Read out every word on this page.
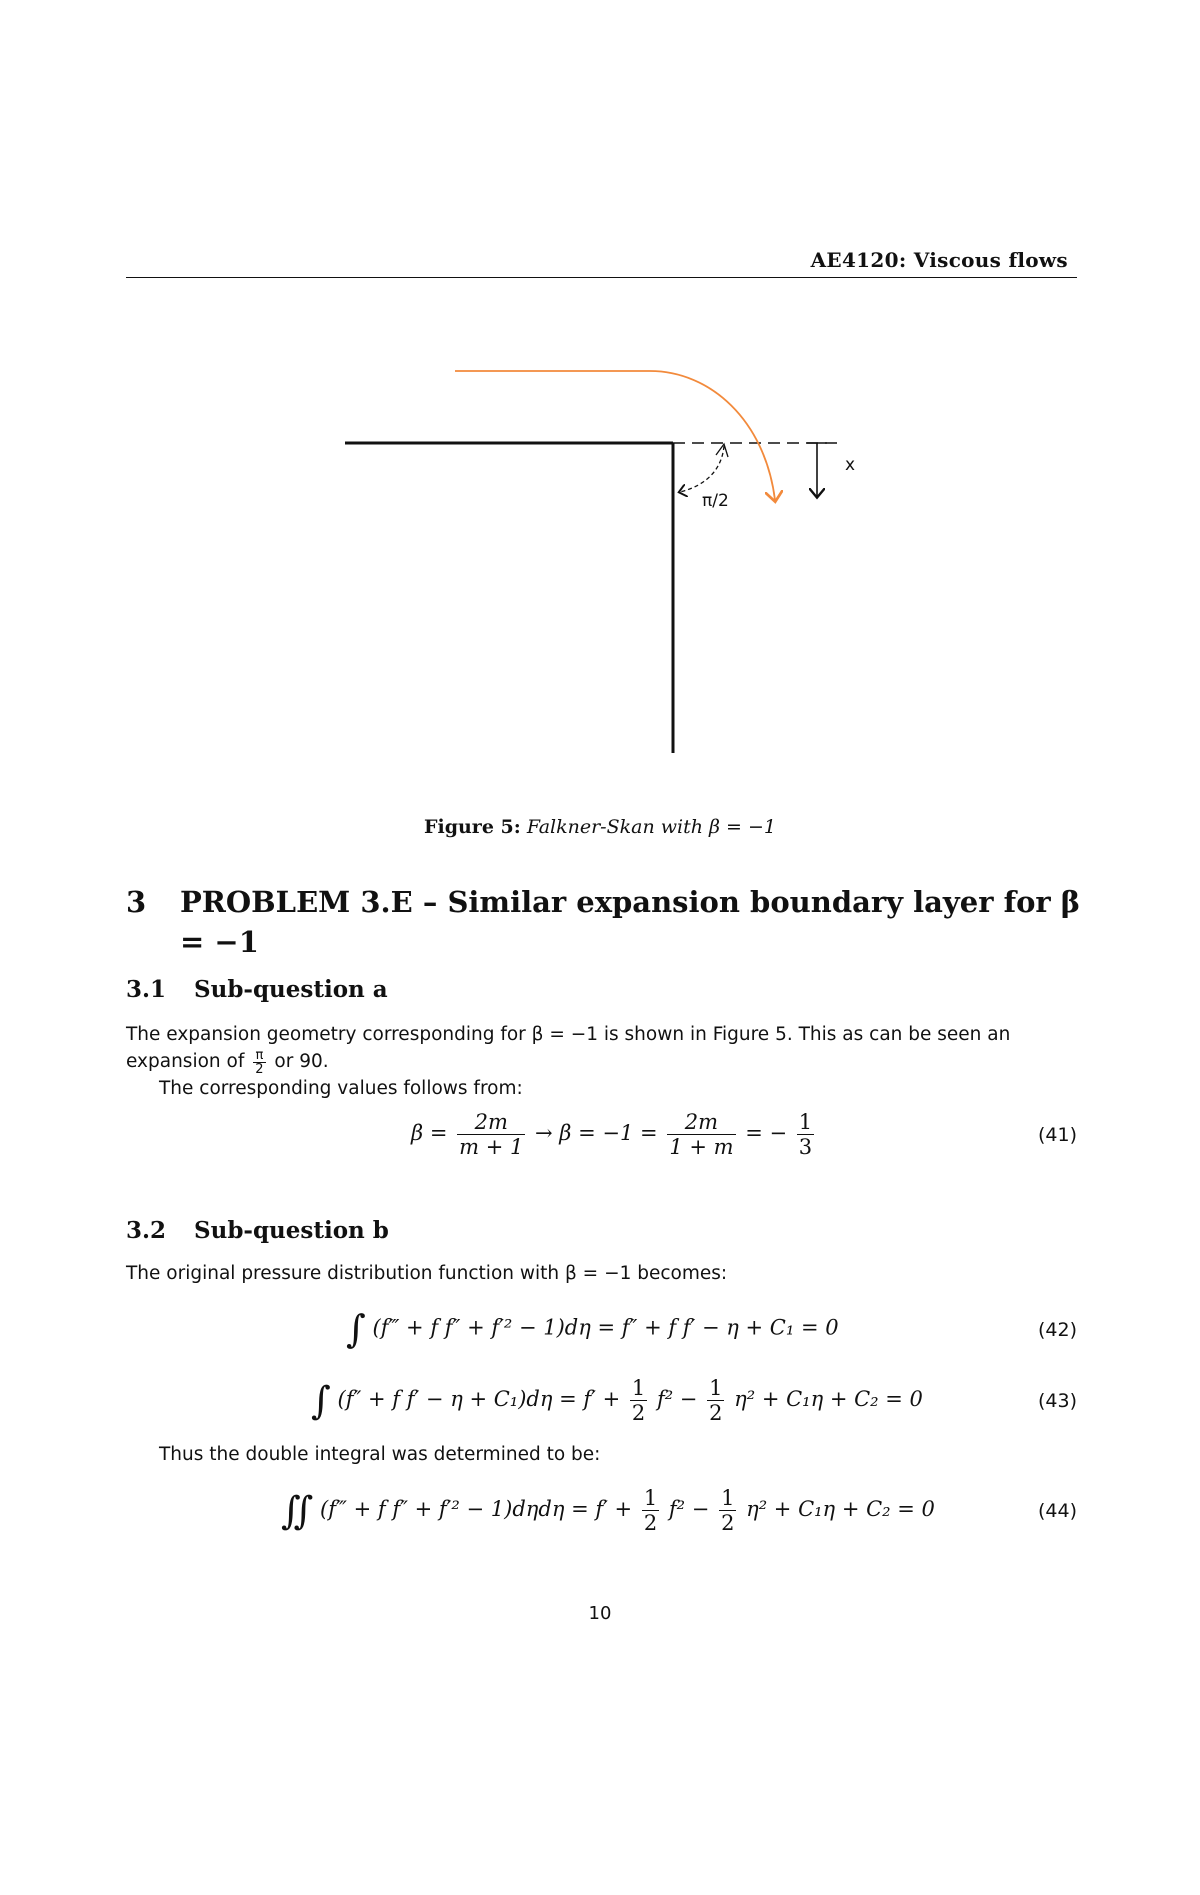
AE4120: Viscous flows
π/2
x
Figure 5: Falkner-Skan with β = −1
3 PROBLEM 3.E – Similar expansion boundary layer for β
= −1
3.1 Sub-question a
The expansion geometry corresponding for β = −1 is shown in Figure 5. This as can be seen an expansion of $\frac{\pi}{2}$ or 90.
The corresponding values follows from:
$\beta = \frac{2m}{m + 1} \to \beta = -1 = \frac{2m}{1 + m}$ = − $\frac{1}{3}$	(41)
3.2 Sub-question b
The original pressure distribution function with β = −1 becomes:
∫ (f‴ + f f″ + f′² − 1)dη = f″ + f f′ − η + C₁ = 0	(42)
∫ (f″ + f $f' - \eta + C_1)d\eta = f' + \frac{1}{2} f^2 - \frac{1}{2} \eta^2 + C_1\eta + C_2 = 0$	(43)
Thus the double integral was determined to be:
∬ (f‴ + f $f'' + f'^2 - 1)d\eta d\eta = f' + \frac{1}{2} f^2 - \frac{1}{2} \eta^2 + C_1\eta + C_2 = 0$	(44)
10
